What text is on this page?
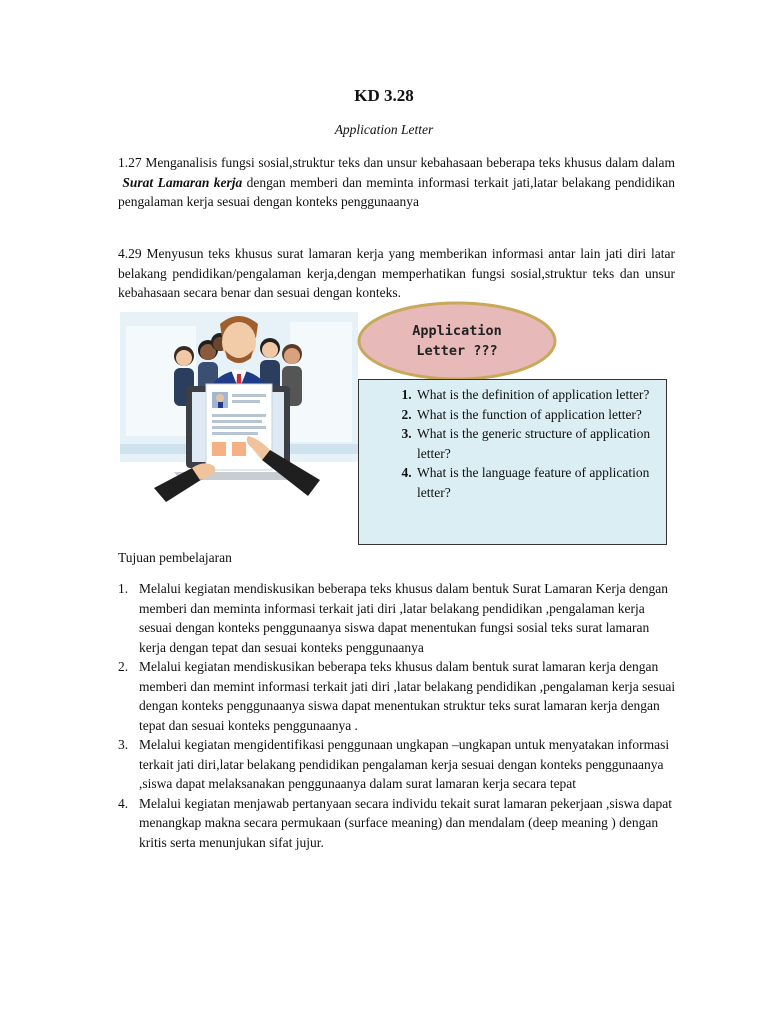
KD 3.28
Application Letter
1.27 Menganalisis fungsi sosial,struktur teks dan unsur kebahasaan beberapa teks khusus dalam dalam  Surat Lamaran kerja dengan memberi dan meminta informasi terkait jati,latar belakang pendidikan pengalaman kerja sesuai dengan konteks penggunaanya
4.29 Menyusun teks khusus surat lamaran kerja yang memberikan informasi antar lain jati diri latar belakang pendidikan/pengalaman kerja,dengan memperhatikan fungsi sosial,struktur teks dan unsur kebahasaan secara benar dan sesuai dengan konteks.
Application
Letter ???
1. What is the definition of application letter?
2. What is the function of application letter?
3. What is the generic structure of application letter?
4. What is the language feature of application letter?
Tujuan pembelajaran
1. Melalui kegiatan mendiskusikan beberapa teks khusus dalam bentuk Surat Lamaran Kerja dengan memberi dan meminta informasi terkait jati diri ,latar belakang pendidikan ,pengalaman kerja sesuai dengan konteks penggunaanya siswa dapat menentukan fungsi sosial teks surat lamaran kerja dengan tepat dan sesuai konteks penggunaanya
2. Melalui kegiatan mendiskusikan beberapa teks khusus dalam bentuk surat lamaran kerja dengan memberi dan memint informasi terkait jati diri ,latar belakang pendidikan ,pengalaman kerja sesuai dengan konteks penggunaanya siswa dapat menentukan struktur teks surat lamaran kerja dengan tepat dan sesuai konteks penggunaanya .
3. Melalui kegiatan mengidentifikasi penggunaan ungkapan –ungkapan untuk menyatakan informasi terkait jati diri,latar belakang pendidikan pengalaman kerja sesuai dengan konteks penggunaanya ,siswa dapat melaksanakan penggunaanya dalam surat lamaran kerja secara tepat
4. Melalui kegiatan menjawab pertanyaan secara individu tekait surat lamaran pekerjaan ,siswa dapat menangkap makna secara permukaan (surface meaning) dan mendalam (deep meaning ) dengan kritis serta menunjukan sifat jujur.
